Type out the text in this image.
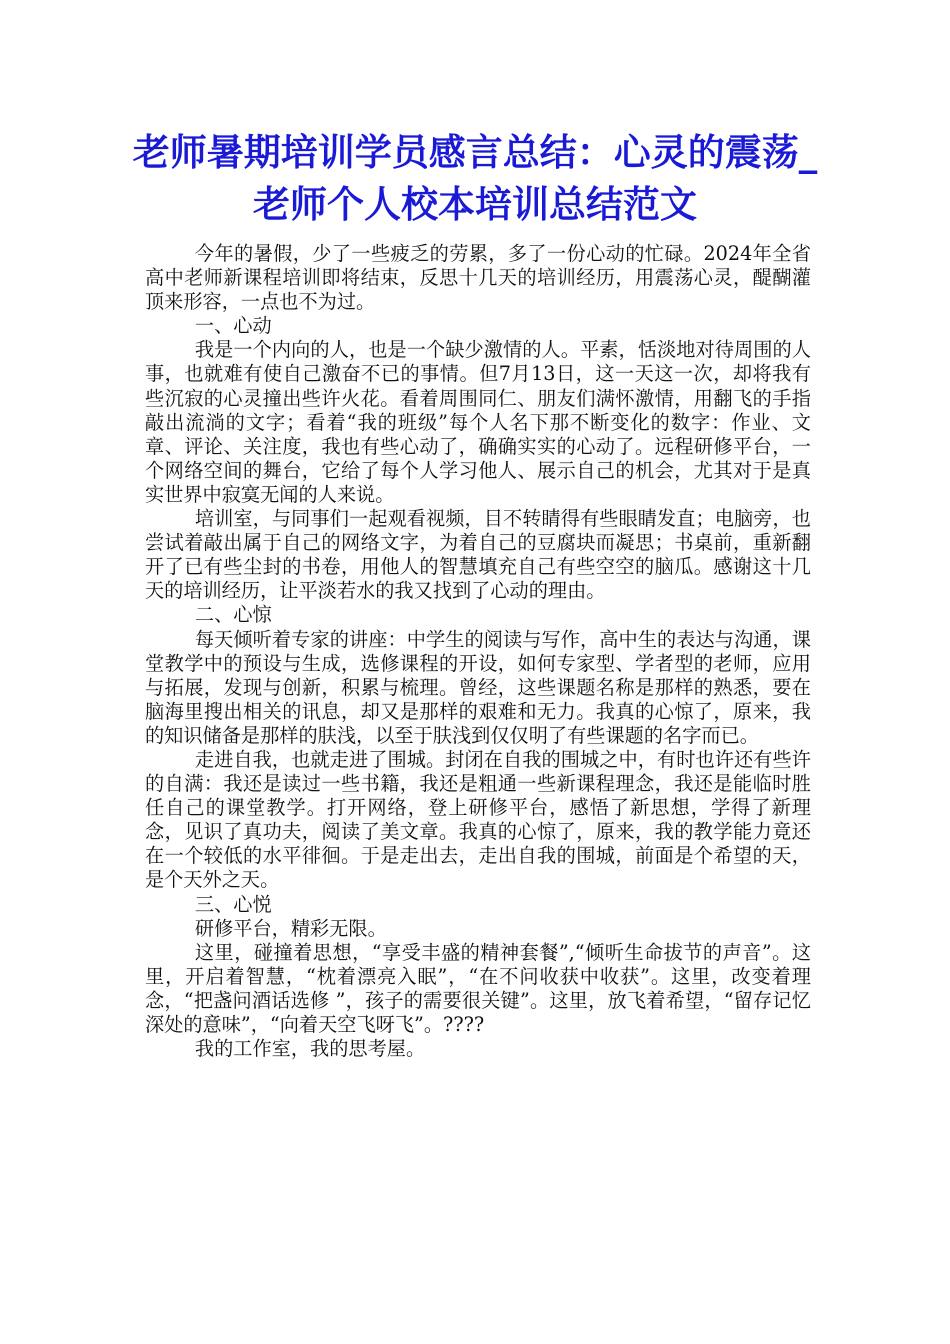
老师暑期培训学员感言总结：心灵的震荡_老师个人校本培训总结范文

今年的暑假，少了一些疲乏的劳累，多了一份心动的忙碌。2024年全省高中老师新课程培训即将结束，反思十几天的培训经历，用震荡心灵，醍醐灌顶来形容，一点也不为过。

一、心动

我是一个内向的人，也是一个缺少激情的人。平素，恬淡地对待周围的人事，也就难有使自己激奋不已的事情。但7月13日，这一天这一次，却将我有些沉寂的心灵撞出些许火花。看着周围同仁、朋友们满怀激情，用翻飞的手指敲出流淌的文字；看着“我的班级”每个人名下那不断变化的数字：作业、文章、评论、关注度，我也有些心动了，确确实实的心动了。远程研修平台，一个网络空间的舞台，它给了每个人学习他人、展示自己的机会，尤其对于是真实世界中寂寞无闻的人来说。

培训室，与同事们一起观看视频，目不转睛得有些眼睛发直；电脑旁，也尝试着敲出属于自己的网络文字，为着自己的豆腐块而凝思；书桌前，重新翻开了已有些尘封的书卷，用他人的智慧填充自己有些空空的脑瓜。感谢这十几天的培训经历，让平淡若水的我又找到了心动的理由。

二、心惊

每天倾听着专家的讲座：中学生的阅读与写作，高中生的表达与沟通，课堂教学中的预设与生成，选修课程的开设，如何专家型、学者型的老师，应用与拓展，发现与创新，积累与梳理。曾经，这些课题名称是那样的熟悉，要在脑海里搜出相关的讯息，却又是那样的艰难和无力。我真的心惊了，原来，我的知识储备是那样的肤浅，以至于肤浅到仅仅明了有些课题的名字而已。

走进自我，也就走进了围城。封闭在自我的围城之中，有时也许还有些许的自满：我还是读过一些书籍，我还是粗通一些新课程理念，我还是能临时胜任自己的课堂教学。打开网络，登上研修平台，感悟了新思想，学得了新理念，见识了真功夫，阅读了美文章。我真的心惊了，原来，我的教学能力竟还在一个较低的水平徘徊。于是走出去，走出自我的围城，前面是个希望的天，是个天外之天。

三、心悦

研修平台，精彩无限。

这里，碰撞着思想，“享受丰盛的精神套餐”,“倾听生命拔节的声音”。这里，开启着智慧，“枕着漂亮入眠”，“在不问收获中收获”。这里，改变着理念，“把盏问酒话选修 ”，孩子的需要很关键”。这里，放飞着希望，“留存记忆深处的意味”，“向着天空飞呀飞”。????

我的工作室，我的思考屋。
